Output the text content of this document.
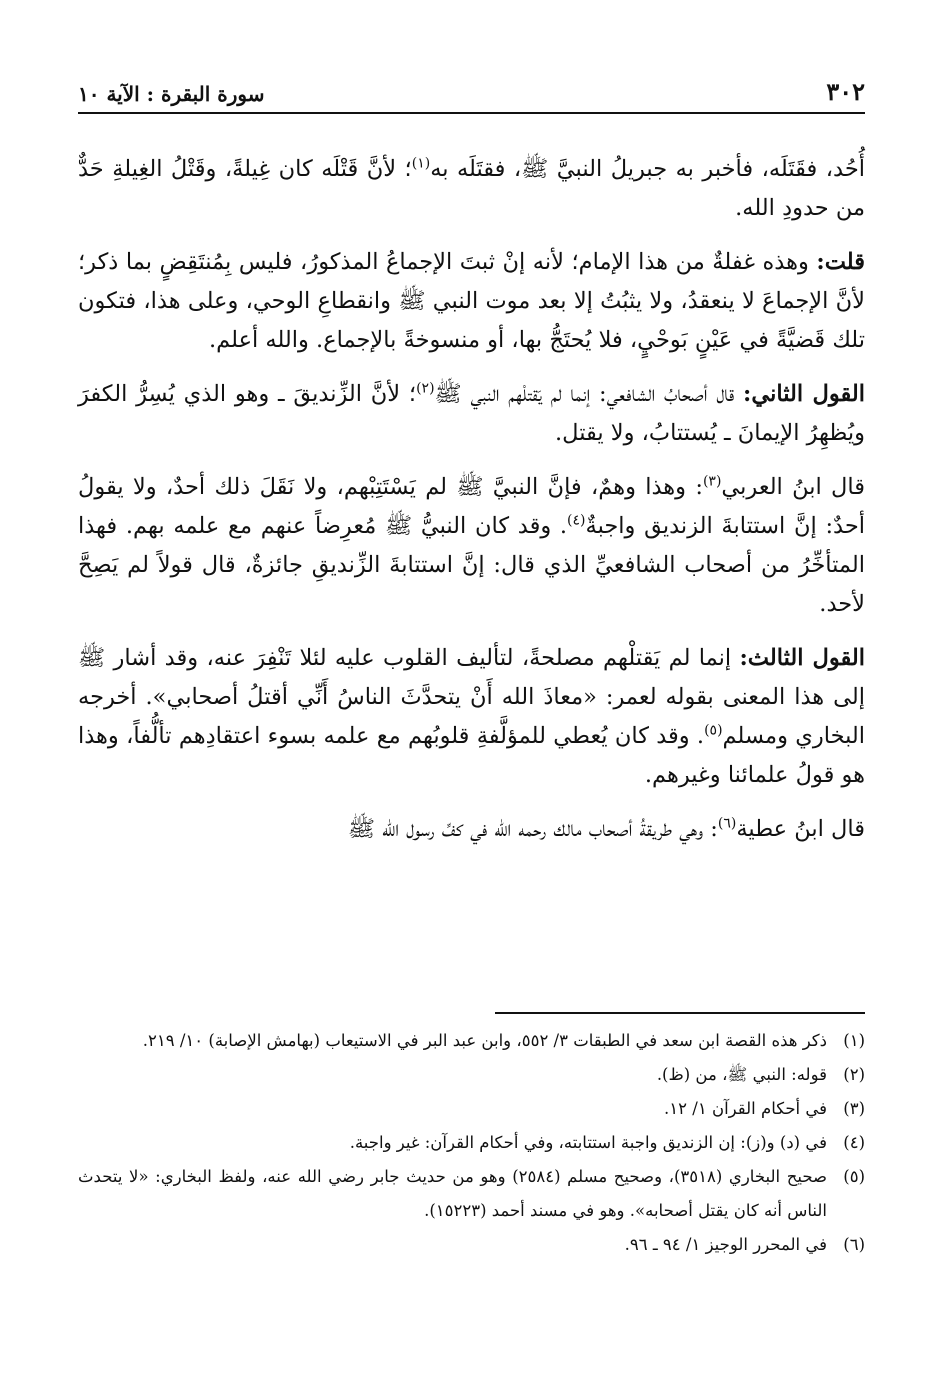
٣٠٢
سورة البقرة : الآية ١٠

أُحُد، فقَتَلَه، فأخبر به جبريلُ النبيَّ ﷺ، فقتَلَه به$^{(١)}$؛ لأنَّ قَتْلَه كان غِيلةً، وقَتْلُ الغِيلةِ حَدٌّ من حدودِ الله.

قلت: وهذه غفلةٌ من هذا الإمام؛ لأنه إنْ ثبتَ الإجماعُ المذكورُ، فليس بِمُنتَقِضٍ بما ذكر؛ لأنَّ الإجماعَ لا ينعقدُ، ولا يثبُتُ إلا بعد موت النبي ﷺ وانقطاعِ الوحي، وعلى هذا، فتكون تلك قَضيَّةً في عَيْنٍ بَوحْيٍ، فلا يُحتَجُّ بها، أو منسوخةً بالإجماع. والله أعلم.

القول الثاني: قال أصحابُ الشافعي: إنما لم يَقتلْهم النبي ﷺ$^{(٢)}$؛ لأنَّ الزِّنديقَ ـ وهو الذي يُسِرُّ الكفرَ ويُظهِرُ الإيمانَ ـ يُستتابُ، ولا يقتل.

قال ابنُ العربي$^{(٣)}$: وهذا وهمٌ، فإنَّ النبيَّ ﷺ لم يَسْتَتِبْهم، ولا نَقَلَ ذلك أحدٌ، ولا يقولُ أحدٌ: إنَّ استتابةَ الزنديق واجبةٌ$^{(٤)}$. وقد كان النبيُّ ﷺ مُعرِضاً عنهم مع علمه بهم. فهذا المتأخِّرُ من أصحاب الشافعيِّ الذي قال: إنَّ استتابةَ الزِّنديقِ جائزةٌ، قال قولاً لم يَصِحَّ لأحد.

القول الثالث: إنما لم يَقتلْهم مصلحةً، لتأليف القلوب عليه لئلا تَنْفِرَ عنه، وقد أشار ﷺ إلى هذا المعنى بقوله لعمر: «معاذَ الله أَنْ يتحدَّثَ الناسُ أَنِّي أقتلُ أصحابي». أخرجه البخاري ومسلم$^{(٥)}$. وقد كان يُعطي للمؤلَّفةِ قلوبُهم مع علمه بسوء اعتقادِهم تألُّفاً، وهذا هو قولُ علمائنا وغيرهم.

قال ابنُ عطية$^{(٦)}$: وهي طريقةُ أصحاب مالك رحمه الله في كفِّ رسول الله ﷺ

(١)
ذكر هذه القصة ابن سعد في الطبقات ٣/ ٥٥٢، وابن عبد البر في الاستيعاب (بهامش الإصابة) ١٠/ ٢١٩.
(٢)
قوله: النبي ﷺ، من (ظ).
(٣)
في أحكام القرآن ١/ ١٢.
(٤)
في (د) و(ز): إن الزنديق واجبة استتابته، وفي أحكام القرآن: غير واجبة.
(٥)
صحيح البخاري (٣٥١٨)، وصحيح مسلم (٢٥٨٤) وهو من حديث جابر رضي الله عنه، ولفظ البخاري: «لا يتحدث الناس أنه كان يقتل أصحابه». وهو في مسند أحمد (١٥٢٢٣).
(٦)
في المحرر الوجيز ١/ ٩٤ ـ ٩٦.
